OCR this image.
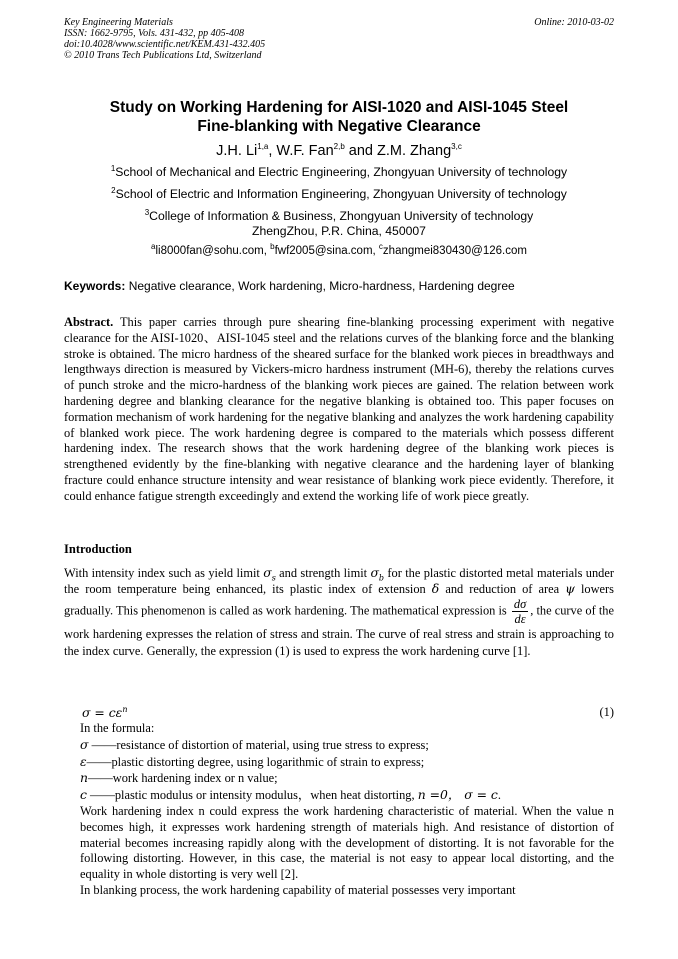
Key Engineering Materials
ISSN: 1662-9795, Vols. 431-432, pp 405-408
doi:10.4028/www.scientific.net/KEM.431-432.405
© 2010 Trans Tech Publications Ltd, Switzerland
Online: 2010-03-02
Study on Working Hardening for AISI-1020 and AISI-1045 Steel
Fine-blanking with Negative Clearance
J.H. Li$^{1,a}$, W.F. Fan$^{2,b}$ and Z.M. Zhang$^{3,c}$
$^1$School of Mechanical and Electric Engineering, Zhongyuan University of technology
$^2$School of Electric and Information Engineering, Zhongyuan University of technology
$^3$College of Information & Business, Zhongyuan University of technology
ZhengZhou, P.R. China, 450007
$^a$li8000fan@sohu.com, $^b$fwf2005@sina.com, $^c$zhangmei830430@126.com
Keywords: Negative clearance, Work hardening, Micro-hardness, Hardening degree
Abstract. This paper carries through pure shearing fine-blanking processing experiment with negative clearance for the AISI-1020、AISI-1045 steel and the relations curves of the blanking force and the blanking stroke is obtained. The micro hardness of the sheared surface for the blanked work pieces in breadthways and lengthways direction is measured by Vickers-micro hardness instrument (MH-6), thereby the relations curves of punch stroke and the micro-hardness of the blanking work pieces are gained. The relation between work hardening degree and blanking clearance for the negative blanking is obtained too. This paper focuses on formation mechanism of work hardening for the negative blanking and analyzes the work hardening capability of blanked work piece. The work hardening degree is compared to the materials which possess different hardening index. The research shows that the work hardening degree of the blanking work pieces is strengthened evidently by the fine-blanking with negative clearance and the hardening layer of blanking fracture could enhance structure intensity and wear resistance of blanking work piece evidently. Therefore, it could enhance fatigue strength exceedingly and extend the working life of work piece greatly.
Introduction

With intensity index such as yield limit $\sigma_s$ and strength limit $\sigma_b$ for the plastic distorted metal materials under the room temperature being enhanced, its plastic index of extension δ and reduction of area ψ lowers gradually. This phenomenon is called as work hardening. The mathematical expression is $\frac{d\sigma}{d\varepsilon}$ , the curve of the work hardening expresses the relation of stress and strain. The curve of real stress and strain is approaching to the index curve. Generally, the expression (1) is used to express the work hardening curve [1].

$\sigma = c\varepsilon^n$	(1)

In the formula:

σ ——resistance of distortion of material, using true stress to express;

ε——plastic distorting degree, using logarithmic of strain to express;

n——work hardening index or n value;

c ——plastic modulus or intensity modulus，when heat distorting, n =0， σ = c.

Work hardening index n could express the work hardening characteristic of material. When the value n becomes high, it expresses work hardening strength of materials high. And resistance of distortion of material becomes increasing rapidly along with the development of distorting. It is not favorable for the following distorting. However, in this case, the material is not easy to appear local distorting, and the equality in whole distorting is very well [2].

In blanking process, the work hardening capability of material possesses very important
